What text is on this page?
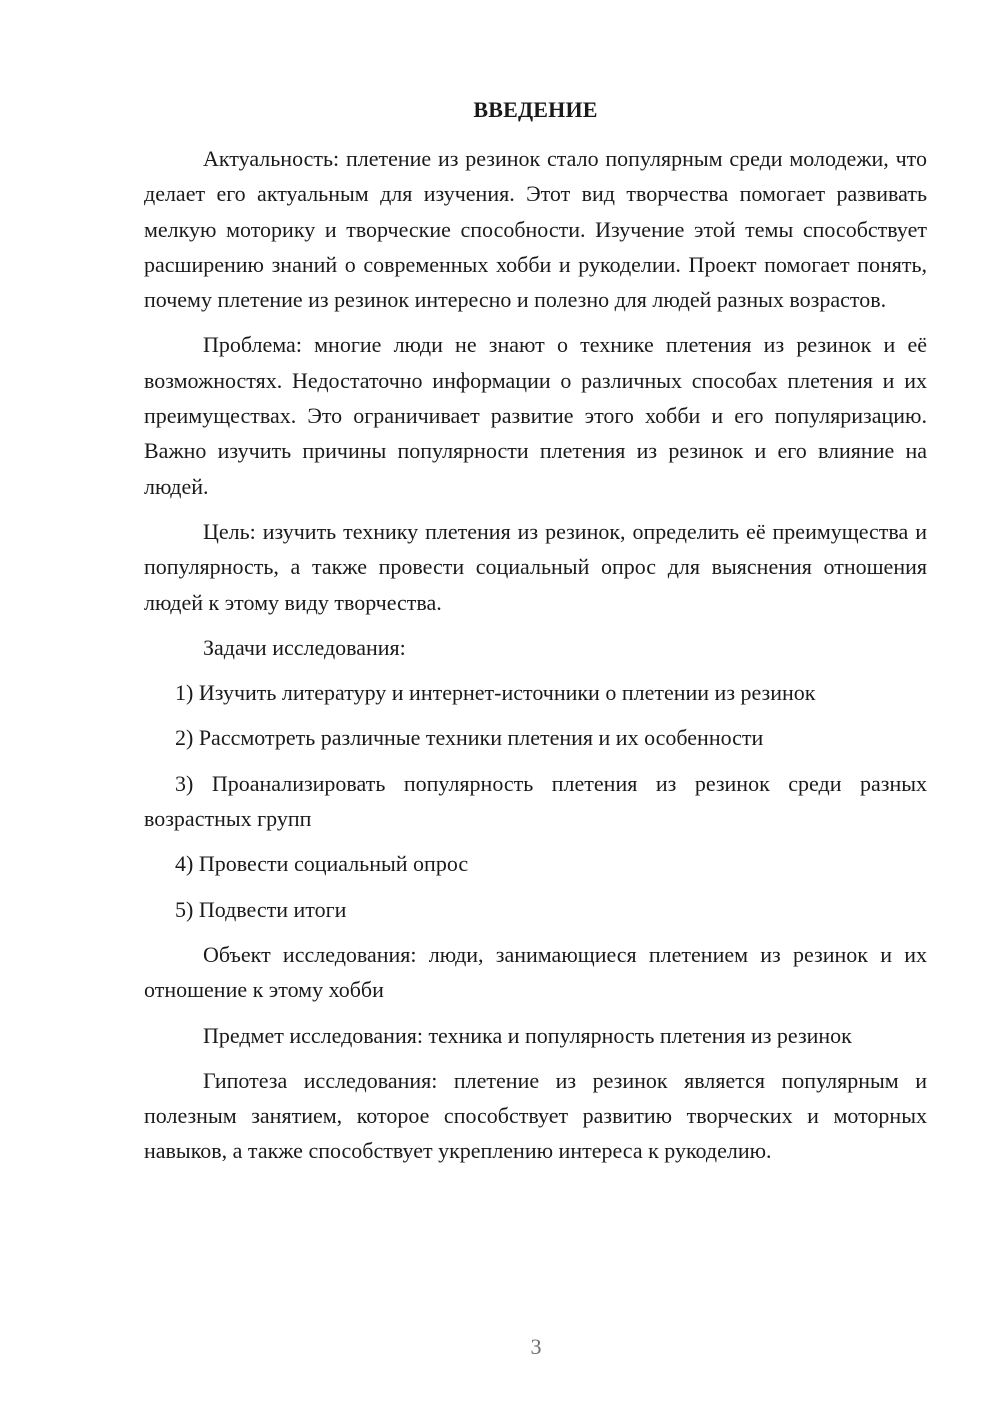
ВВЕДЕНИЕ

Актуальность: плетение из резинок стало популярным среди молодежи, что делает его актуальным для изучения. Этот вид творчества помогает развивать мелкую моторику и творческие способности. Изучение этой темы способствует расширению знаний о современных хобби и рукоделии. Проект помогает понять, почему плетение из резинок интересно и полезно для людей разных возрастов.

Проблема: многие люди не знают о технике плетения из резинок и её возможностях. Недостаточно информации о различных способах плетения и их преимуществах. Это ограничивает развитие этого хобби и его популяризацию. Важно изучить причины популярности плетения из резинок и его влияние на людей.

Цель: изучить технику плетения из резинок, определить её преимущества и популярность, а также провести социальный опрос для выяснения отношения людей к этому виду творчества.

Задачи исследования:

1) Изучить литературу и интернет-источники о плетении из резинок

2) Рассмотреть различные техники плетения и их особенности

3) Проанализировать популярность плетения из резинок среди разных возрастных групп

4) Провести социальный опрос

5) Подвести итоги

Объект исследования: люди, занимающиеся плетением из резинок и их отношение к этому хобби

Предмет исследования: техника и популярность плетения из резинок

Гипотеза исследования: плетение из резинок является популярным и полезным занятием, которое способствует развитию творческих и моторных навыков, а также способствует укреплению интереса к рукоделию.

3
